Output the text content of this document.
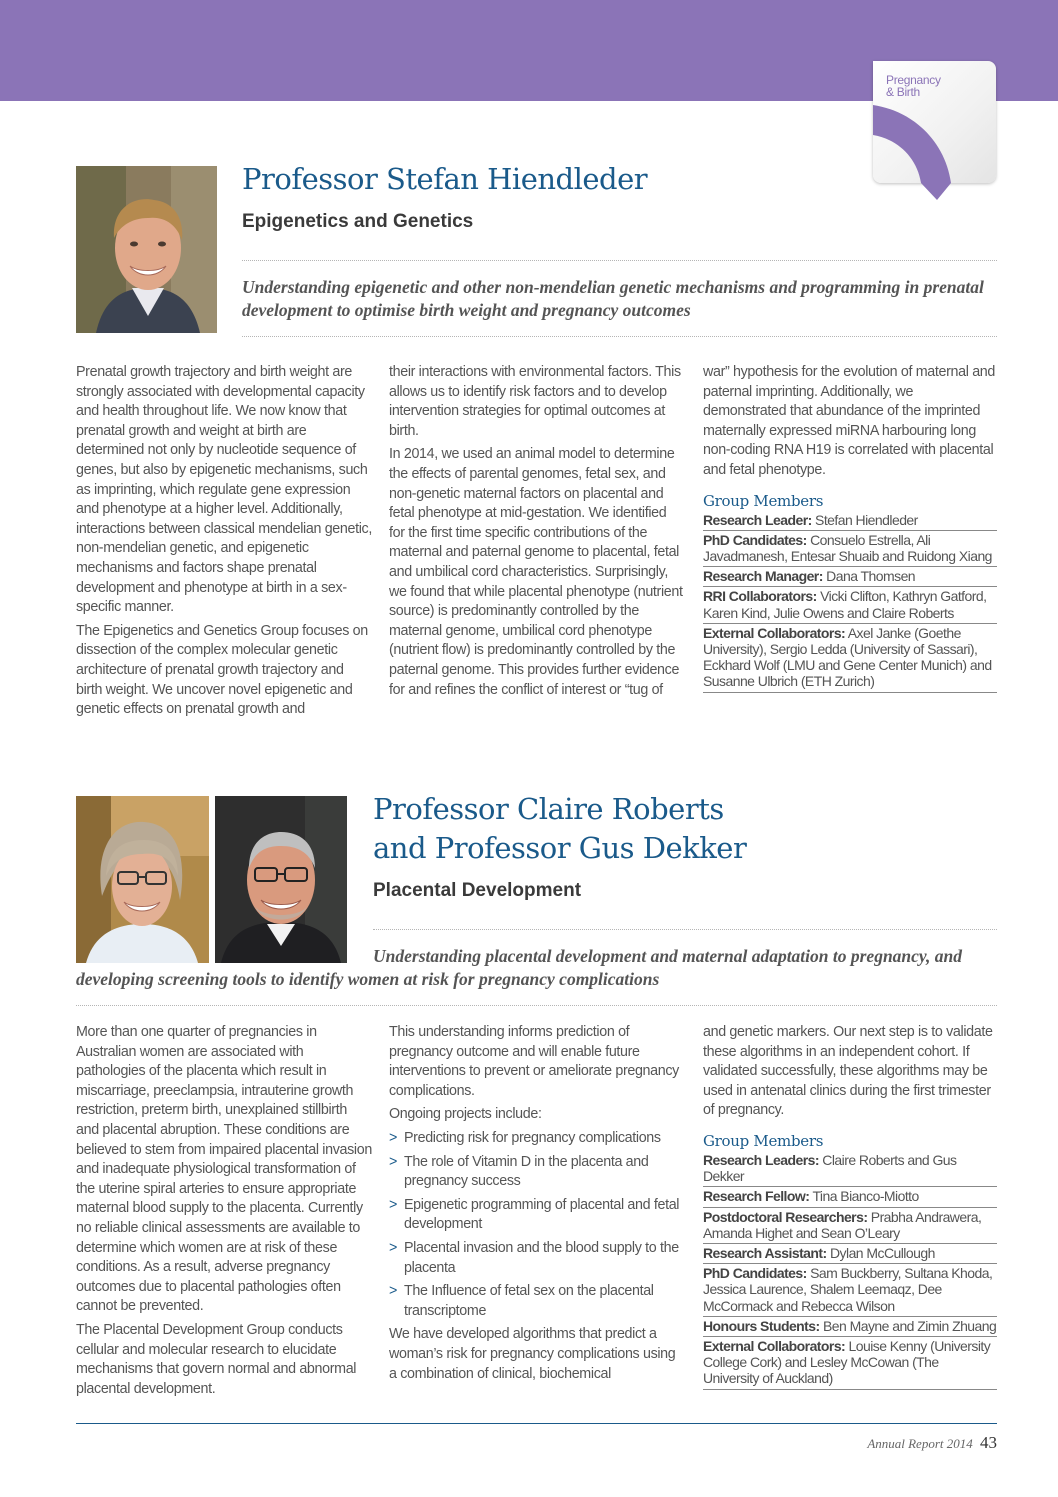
Pregnancy
& Birth
Professor Stefan Hiendleder
Epigenetics and Genetics

Understanding epigenetic and other non-mendelian genetic mechanisms and programming in prenatal development to optimise birth weight and pregnancy outcomes

Prenatal growth trajectory and birth weight are strongly associated with developmental capacity and health throughout life. We now know that prenatal growth and weight at birth are determined not only by nucleotide sequence of genes, but also by epigenetic mechanisms, such as imprinting, which regulate gene expression and phenotype at a higher level. Additionally, interactions between classical mendelian genetic, non-mendelian genetic, and epigenetic mechanisms and factors shape prenatal development and phenotype at birth in a sex-specific manner.

The Epigenetics and Genetics Group focuses on dissection of the complex molecular genetic architecture of prenatal growth trajectory and birth weight. We uncover novel epigenetic and genetic effects on prenatal growth and

their interactions with environmental factors. This allows us to identify risk factors and to develop intervention strategies for optimal outcomes at birth.

In 2014, we used an animal model to determine the effects of parental genomes, fetal sex, and non-genetic maternal factors on placental and fetal phenotype at mid-gestation. We identified for the first time specific contributions of the maternal and paternal genome to placental, fetal and umbilical cord characteristics. Surprisingly, we found that while placental phenotype (nutrient source) is predominantly controlled by the maternal genome, umbilical cord phenotype (nutrient flow) is predominantly controlled by the paternal genome. This provides further evidence for and refines the conflict of interest or “tug of

war” hypothesis for the evolution of maternal and paternal imprinting. Additionally, we demonstrated that abundance of the imprinted maternally expressed miRNA harbouring long non-coding RNA H19 is correlated with placental and fetal phenotype.

Group Members
Research Leader: Stefan Hiendleder
PhD Candidates: Consuelo Estrella, Ali Javadmanesh, Entesar Shuaib and Ruidong Xiang
Research Manager: Dana Thomsen
RRI Collaborators: Vicki Clifton, Kathryn Gatford, Karen Kind, Julie Owens and Claire Roberts
External Collaborators: Axel Janke (Goethe University), Sergio Ledda (University of Sassari), Eckhard Wolf (LMU and Gene Center Munich) and Susanne Ulbrich (ETH Zurich)
Professor Claire Roberts
and Professor Gus Dekker
Placental Development

Understanding placental development and maternal adaptation to pregnancy, and developing screening tools to identify women at risk for pregnancy complications

More than one quarter of pregnancies in Australian women are associated with pathologies of the placenta which result in miscarriage, preeclampsia, intrauterine growth restriction, preterm birth, unexplained stillbirth and placental abruption. These conditions are believed to stem from impaired placental invasion and inadequate physiological transformation of the uterine spiral arteries to ensure appropriate maternal blood supply to the placenta. Currently no reliable clinical assessments are available to determine which women are at risk of these conditions. As a result, adverse pregnancy outcomes due to placental pathologies often cannot be prevented.

The Placental Development Group conducts cellular and molecular research to elucidate mechanisms that govern normal and abnormal placental development.

This understanding informs prediction of pregnancy outcome and will enable future interventions to prevent or ameliorate pregnancy complications.

Ongoing projects include:

> Predicting risk for pregnancy complications
> The role of Vitamin D in the placenta and pregnancy success
> Epigenetic programming of placental and fetal development
> Placental invasion and the blood supply to the placenta
> The Influence of fetal sex on the placental transcriptome

We have developed algorithms that predict a woman’s risk for pregnancy complications using a combination of clinical, biochemical

and genetic markers. Our next step is to validate these algorithms in an independent cohort. If validated successfully, these algorithms may be used in antenatal clinics during the first trimester of pregnancy.

Group Members
Research Leaders: Claire Roberts and Gus Dekker
Research Fellow: Tina Bianco-Miotto
Postdoctoral Researchers: Prabha Andrawera, Amanda Highet and Sean O’Leary
Research Assistant: Dylan McCullough
PhD Candidates: Sam Buckberry, Sultana Khoda, Jessica Laurence, Shalem Leemaqz, Dee McCormack and Rebecca Wilson
Honours Students: Ben Mayne and Zimin Zhuang
External Collaborators: Louise Kenny (University College Cork) and Lesley McCowan (The University of Auckland)
Annual Report 2014 43
